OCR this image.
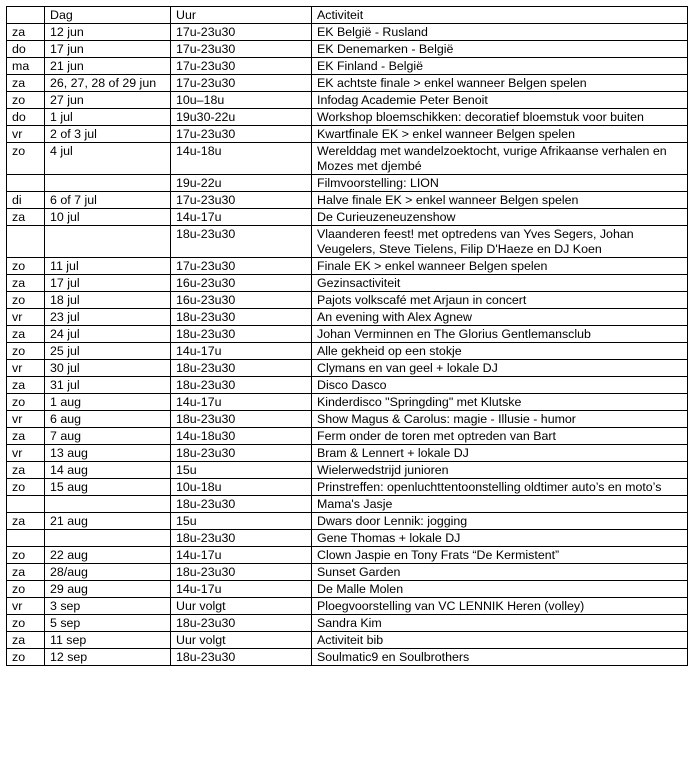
	Dag	Uur	Activiteit
za	12 jun	17u-23u30	EK België - Rusland
do	17 jun	17u-23u30	EK Denemarken - België
ma	21 jun	17u-23u30	EK Finland - België
za	26, 27, 28 of 29 jun	17u-23u30	EK achtste finale > enkel wanneer Belgen spelen
zo	27 jun	10u–18u	Infodag Academie Peter Benoit
do	1 jul	19u30-22u	Workshop bloemschikken: decoratief bloemstuk voor buiten
vr	2 of 3 jul	17u-23u30	Kwartfinale EK > enkel wanneer Belgen spelen
zo	4 jul	14u-18u	Werelddag met wandelzoektocht, vurige Afrikaanse verhalen en Mozes met djembé
		19u-22u	Filmvoorstelling: LION
di	6 of 7 jul	17u-23u30	Halve finale EK > enkel wanneer Belgen spelen
za	10 jul	14u-17u	De Curieuzeneuzenshow
		18u-23u30	Vlaanderen feest! met optredens van Yves Segers, Johan Veugelers, Steve Tielens, Filip D'Haeze en DJ Koen
zo	11 jul	17u-23u30	Finale EK > enkel wanneer Belgen spelen
za	17 jul	16u-23u30	Gezinsactiviteit
zo	18 jul	16u-23u30	Pajots volkscafé met Arjaun in concert
vr	23 jul	18u-23u30	An evening with Alex Agnew
za	24 jul	18u-23u30	Johan Verminnen en The Glorius Gentlemansclub
zo	25 jul	14u-17u	Alle gekheid op een stokje
vr	30 jul	18u-23u30	Clymans en van geel + lokale DJ
za	31 jul	18u-23u30	Disco Dasco
zo	1 aug	14u-17u	Kinderdisco "Springding" met Klutske
vr	6 aug	18u-23u30	Show Magus & Carolus: magie - Illusie - humor
za	7 aug	14u-18u30	Ferm onder de toren met optreden van Bart
vr	13 aug	18u-23u30	Bram & Lennert + lokale DJ
za	14 aug	15u	Wielerwedstrijd junioren
zo	15 aug	10u-18u	Prinstreffen: openluchttentoonstelling oldtimer auto’s en moto’s
		18u-23u30	Mama's Jasje
za	21 aug	15u	Dwars door Lennik: jogging
		18u-23u30	Gene Thomas + lokale DJ
zo	22 aug	14u-17u	Clown Jaspie en Tony Frats “De Kermistent”
za	28/aug	18u-23u30	Sunset Garden
zo	29 aug	14u-17u	De Malle Molen
vr	3 sep	Uur volgt	Ploegvoorstelling van VC LENNIK Heren (volley)
zo	5 sep	18u-23u30	Sandra Kim
za	11 sep	Uur volgt	Activiteit bib
zo	12 sep	18u-23u30	Soulmatic9 en Soulbrothers
